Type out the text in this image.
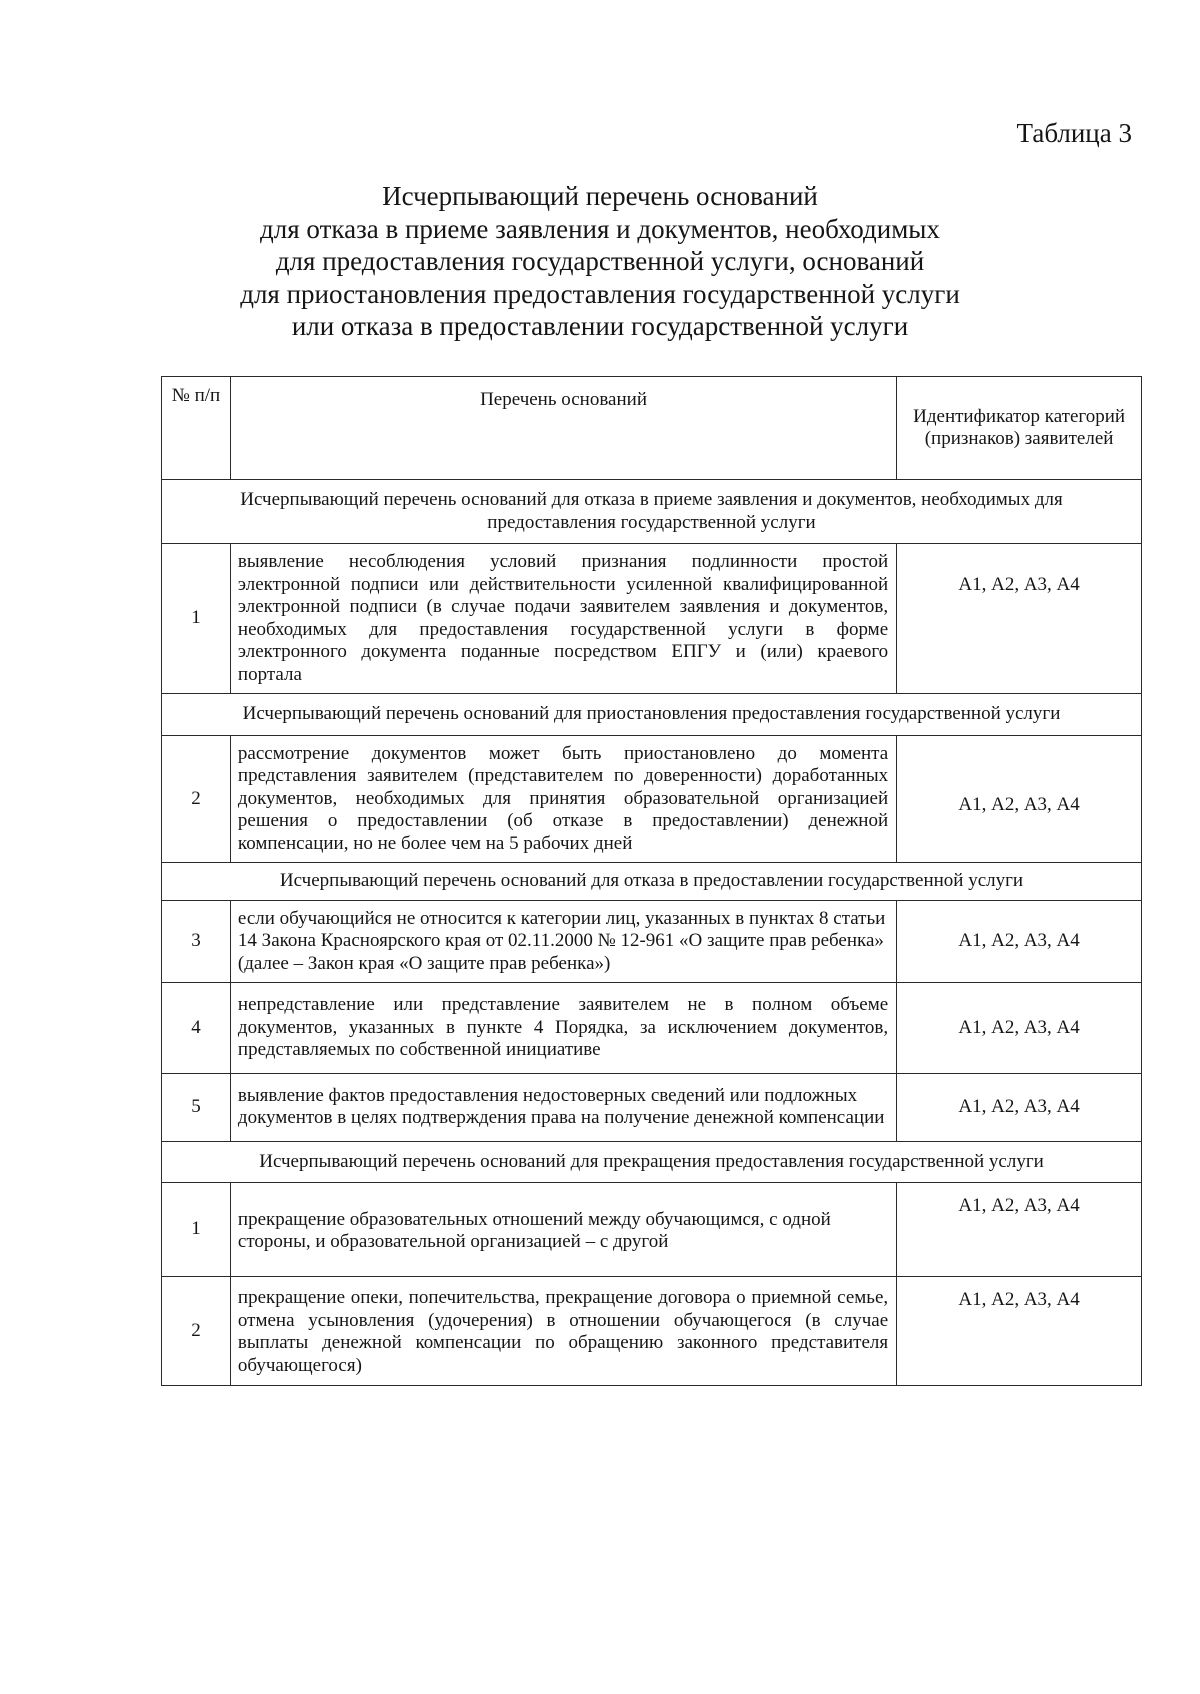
Таблица 3
Исчерпывающий перечень оснований
для отказа в приеме заявления и документов, необходимых
для предоставления государственной услуги, оснований
для приостановления предоставления государственной услуги
или отказа в предоставлении государственной услуги
№ п/п	Перечень оснований	Идентификатор категорий (признаков) заявителей
Исчерпывающий перечень оснований для отказа в приеме заявления и документов, необходимых для предоставления государственной услуги		
1	выявление несоблюдения условий признания подлинности простой электронной подписи или действительности усиленной квалифицированной электронной подписи (в случае подачи заявителем заявления и документов, необходимых для предоставления государственной услуги в форме электронного документа поданные посредством ЕПГУ и (или) краевого портала	А1, А2, А3, А4
Исчерпывающий перечень оснований для приостановления предоставления государственной услуги		
2	рассмотрение документов может быть приостановлено до момента представления заявителем (представителем по доверенности) доработанных документов, необходимых для принятия образовательной организацией решения о предоставлении (об отказе в предоставлении) денежной компенсации, но не более чем на 5 рабочих дней	А1, А2, А3, А4
Исчерпывающий перечень оснований для отказа в предоставлении государственной услуги		
3	если обучающийся не относится к категории лиц, указанных в пунктах 8 статьи 14 Закона Красноярского края от 02.11.2000 № 12-961 «О защите прав ребенка» (далее – Закон края «О защите прав ребенка»)	А1, А2, А3, А4
4	непредставление или представление заявителем не в полном объеме документов, указанных в пункте 4 Порядка, за исключением документов, представляемых по собственной инициативе	А1, А2, А3, А4
5	выявление фактов предоставления недостоверных сведений или подложных документов в целях подтверждения права на получение денежной компенсации	А1, А2, А3, А4
Исчерпывающий перечень оснований для прекращения предоставления государственной услуги		
1	прекращение образовательных отношений между обучающимся, с одной стороны, и образовательной организацией – с другой	А1, А2, А3, А4
2	прекращение опеки, попечительства, прекращение договора о приемной семье, отмена усыновления (удочерения) в отношении обучающегося (в случае выплаты денежной компенсации по обращению законного представителя обучающегося)	А1, А2, А3, А4
